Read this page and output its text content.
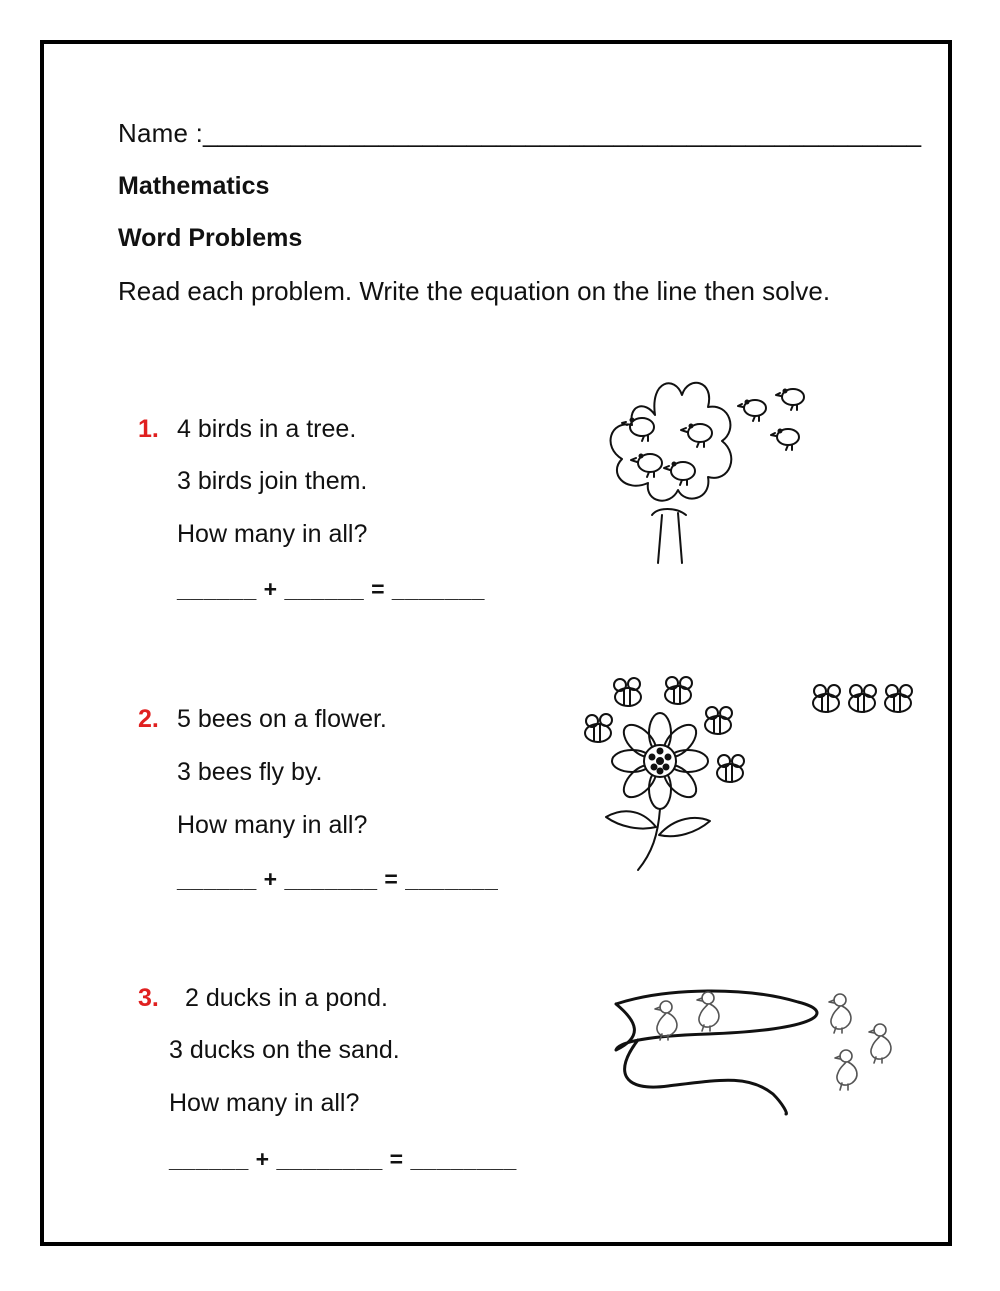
Name :_________________________________________________
Mathematics
Word Problems
Read each problem. Write the equation on the line then solve.
1. 4 birds in a tree.
3 birds join them.
How many in all?
______ + ______ = _______
2. 5 bees on a flower.
3 bees fly by.
How many in all?
______ + _______ = _______
3. 2 ducks in a pond.
3 ducks on the sand.
How many in all?
______ + ________ = ________
